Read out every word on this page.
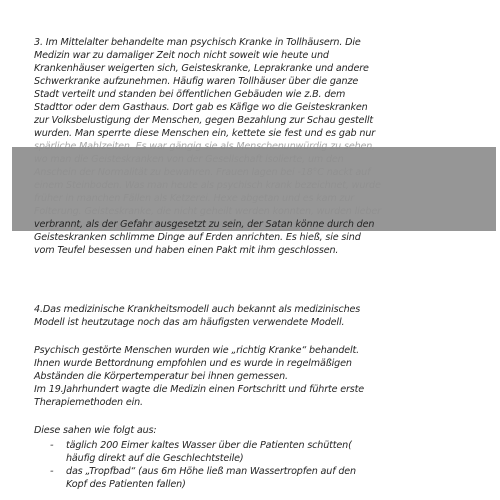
3. Im Mittelalter behandelte man psychisch Kranke in Tollhäusern. Die
Medizin war zu damaliger Zeit noch nicht soweit wie heute und
Krankenhäuser weigerten sich, Geisteskranke, Leprakranke und andere
Schwerkranke aufzunehmen. Häufig waren Tollhäuser über die ganze
Stadt verteilt und standen bei öffentlichen Gebäuden wie z.B. dem
Stadttor oder dem Gasthaus. Dort gab es Käfige wo die Geisteskranken
zur Volksbelustigung der Menschen, gegen Bezahlung zur Schau gestellt
wurden. Man sperrte diese Menschen ein, kettete sie fest und es gab nur
verbrannt, als der Gefahr ausgesetzt zu sein, der Satan könne durch den
Geisteskranken schlimme Dinge auf Erden anrichten. Es hieß, sie sind
vom Teufel besessen und haben einen Pakt mit ihm geschlossen.
4.Das medizinische Krankheitsmodell auch bekannt als medizinisches
Modell ist heutzutage noch das am häufigsten verwendete Modell.
Psychisch gestörte Menschen wurden wie „richtig Kranke“ behandelt.
Ihnen wurde Bettordnung empfohlen und es wurde in regelmäßigen
Abständen die Körpertemperatur bei ihnen gemessen.
Im 19.Jahrhundert wagte die Medizin einen Fortschritt und führte erste
Therapiemethoden ein.
Diese sahen wie folgt aus:
- täglich 200 Eimer kaltes Wasser über die Patienten schütten(
häufig direkt auf die Geschlechtsteile)
- das „Tropfbad“ (aus 6m Höhe ließ man Wassertropfen auf den
Kopf des Patienten fallen)
